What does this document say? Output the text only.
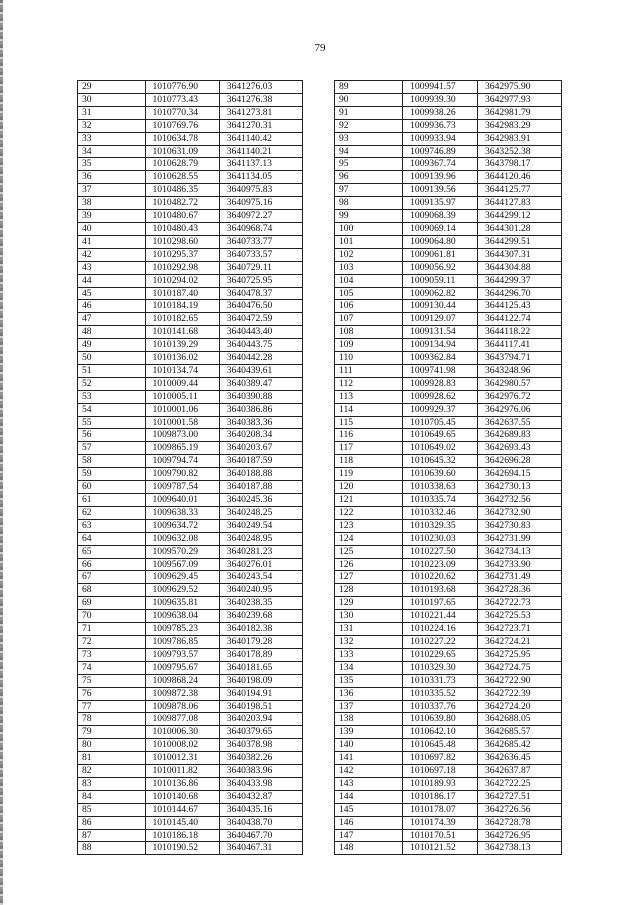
79
29	1010776.90	3641276.03
30	1010773.43	3641276.38
31	1010770.34	3641273.81
32	1010769.76	3641270.31
33	1010634.78	3641140.42
34	1010631.09	3641140.21
35	1010628.79	3641137.13
36	1010628.55	3641134.05
37	1010486.35	3640975.83
38	1010482.72	3640975.16
39	1010480.67	3640972.27
40	1010480.43	3640968.74
41	1010298.60	3640733.77
42	1010295.37	3640733.57
43	1010292.98	3640729.11
44	1010294.02	3640725.95
45	1010187.40	3640478.37
46	1010184.19	3640476.50
47	1010182.65	3640472.59
48	1010141.68	3640443.40
49	1010139.29	3640443.75
50	1010136.02	3640442.28
51	1010134.74	3640439.61
52	1010009.44	3640389.47
53	1010005.11	3640390.88
54	1010001.06	3640386.86
55	1010001.58	3640383.36
56	1009873.00	3640208.34
57	1009865.19	3640203.67
58	1009794.74	3640187.59
59	1009790.82	3640188.88
60	1009787.54	3640187.88
61	1009640.01	3640245.36
62	1009638.33	3640248.25
63	1009634.72	3640249.54
64	1009632.08	3640248.95
65	1009570.29	3640281.23
66	1009567.09	3640276.01
67	1009629.45	3640243.54
68	1009629.52	3640240.95
69	1009635.81	3640238.35
70	1009638.04	3640239.68
71	1009785.23	3640182.38
72	1009786.85	3640179.28
73	1009793.57	3640178.89
74	1009795.67	3640181.65
75	1009868.24	3640198.09
76	1009872.38	3640194.91
77	1009878.06	3640198.51
78	1009877.08	3640203.94
79	1010006.30	3640379.65
80	1010008.02	3640378.98
81	1010012.31	3640382.26
82	1010011.82	3640383.96
83	1010136.86	3640433.98
84	1010140.68	3640432.87
85	1010144.67	3640435.16
86	1010145.40	3640438.70
87	1010186.18	3640467.70
88	1010190.52	3640467.31
89	1009941.57	3642975.90
90	1009939.30	3642977.93
91	1009938.26	3642981.79
92	1009936.73	3642983.29
93	1009933.94	3642983.91
94	1009746.89	3643252.38
95	1009367.74	3643798.17
96	1009139.96	3644120.46
97	1009139.56	3644125.77
98	1009135.97	3644127.83
99	1009068.39	3644299.12
100	1009069.14	3644301.28
101	1009064.80	3644299.51
102	1009061.81	3644307.31
103	1009056.92	3644304.88
104	1009059.11	3644299.37
105	1009062.82	3644296.70
106	1009130.44	3644125.43
107	1009129.07	3644122.74
108	1009131.54	3644118.22
109	1009134.94	3644117.41
110	1009362.84	3643794.71
111	1009741.98	3643248.96
112	1009928.83	3642980.57
113	1009928.62	3642976.72
114	1009929.37	3642976.06
115	1010705.45	3642637.55
116	1010649.65	3642689.83
117	1010649.02	3642693.43
118	1010645.32	3642696.28
119	1010639.60	3642694.15
120	1010338.63	3642730.13
121	1010335.74	3642732.56
122	1010332.46	3642732.90
123	1010329.35	3642730.83
124	1010230.03	3642731.99
125	1010227.50	3642734.13
126	1010223.09	3642733.90
127	1010220.62	3642731.49
128	1010193.68	3642728.36
129	1010197.65	3642722.73
130	1010221.44	3642725.53
131	1010224.16	3642723.71
132	1010227.22	3642724.21
133	1010229.65	3642725.95
134	1010329.30	3642724.75
135	1010331.73	3642722.90
136	1010335.52	3642722.39
137	1010337.76	3642724.20
138	1010639.80	3642688.05
139	1010642.10	3642685.57
140	1010645.48	3642685.42
141	1010697.82	3642636.45
142	1010697.18	3642637.87
143	1010189.93	3642722.25
144	1010186.17	3642727.51
145	1010178.07	3642726.56
146	1010174.39	3642728.78
147	1010170.51	3642726.95
148	1010121.52	3642738.13
